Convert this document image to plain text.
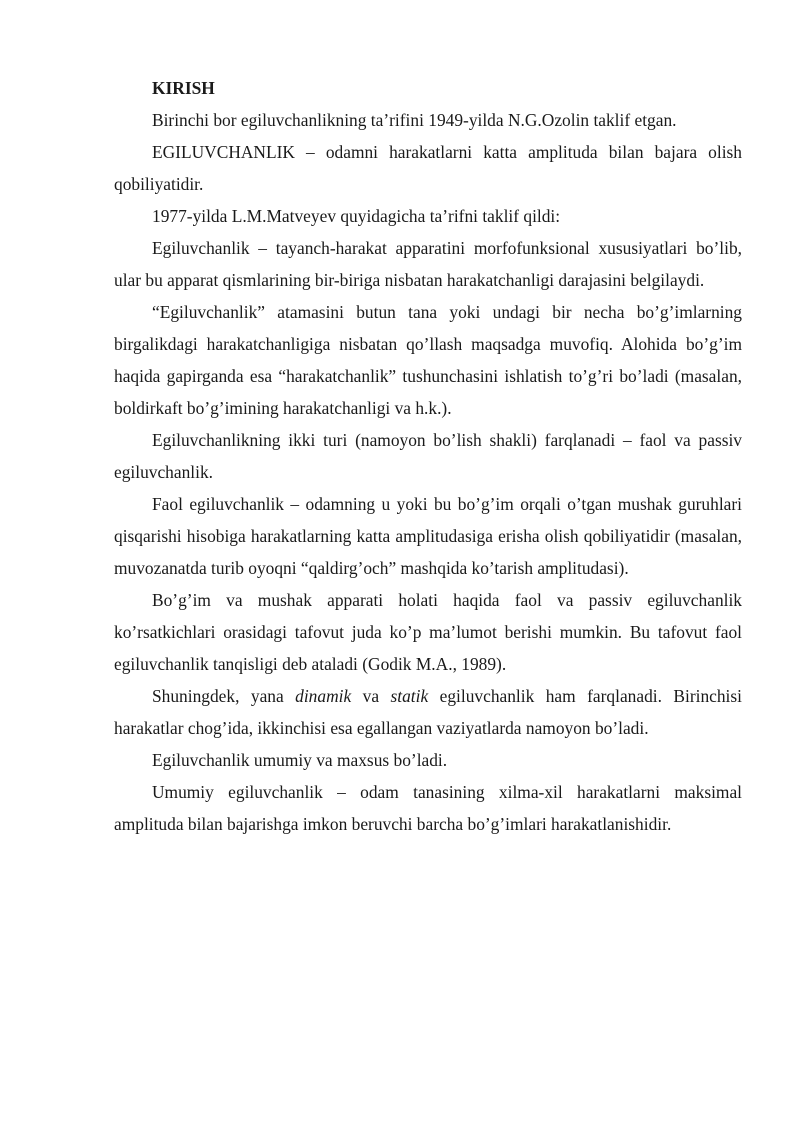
KIRISH

Birinchi bor egiluvchanlikning ta’rifini 1949-yilda N.G.Ozolin taklif etgan.

EGILUVCHANLIK – odamni harakatlarni katta amplituda bilan bajara olish qobiliyatidir.

1977-yilda L.M.Matveyev quyidagicha ta’rifni taklif qildi:

Egiluvchanlik – tayanch-harakat apparatini morfofunksional xususiyatlari bo’lib, ular bu apparat qismlarining bir-biriga nisbatan harakatchanligi darajasini belgilaydi.

“Egiluvchanlik” atamasini butun tana yoki undagi bir necha bo’g’imlarning birgalikdagi harakatchanligiga nisbatan qo’llash maqsadga muvofiq. Alohida bo’g’im haqida gapirganda esa “harakatchanlik” tushunchasini ishlatish to’g’ri bo’ladi (masalan, boldirkaft bo’g’imining harakatchanligi va h.k.).

Egiluvchanlikning ikki turi (namoyon bo’lish shakli) farqlanadi – faol va passiv egiluvchanlik.

Faol egiluvchanlik – odamning u yoki bu bo’g’im orqali o’tgan mushak guruhlari qisqarishi hisobiga harakatlarning katta amplitudasiga erisha olish qobiliyatidir (masalan, muvozanatda turib oyoqni “qaldirg’och” mashqida ko’tarish amplitudasi).

Bo’g’im va mushak apparati holati haqida faol va passiv egiluvchanlik ko’rsatkichlari orasidagi tafovut juda ko’p ma’lumot berishi mumkin. Bu tafovut faol egiluvchanlik tanqisligi deb ataladi (Godik M.A., 1989).

Shuningdek, yana dinamik va statik egiluvchanlik ham farqlanadi. Birinchisi harakatlar chog’ida, ikkinchisi esa egallangan vaziyatlarda namoyon bo’ladi.

Egiluvchanlik umumiy va maxsus bo’ladi.

Umumiy egiluvchanlik – odam tanasining xilma-xil harakatlarni maksimal amplituda bilan bajarishga imkon beruvchi barcha bo’g’imlari harakatlanishidir.
